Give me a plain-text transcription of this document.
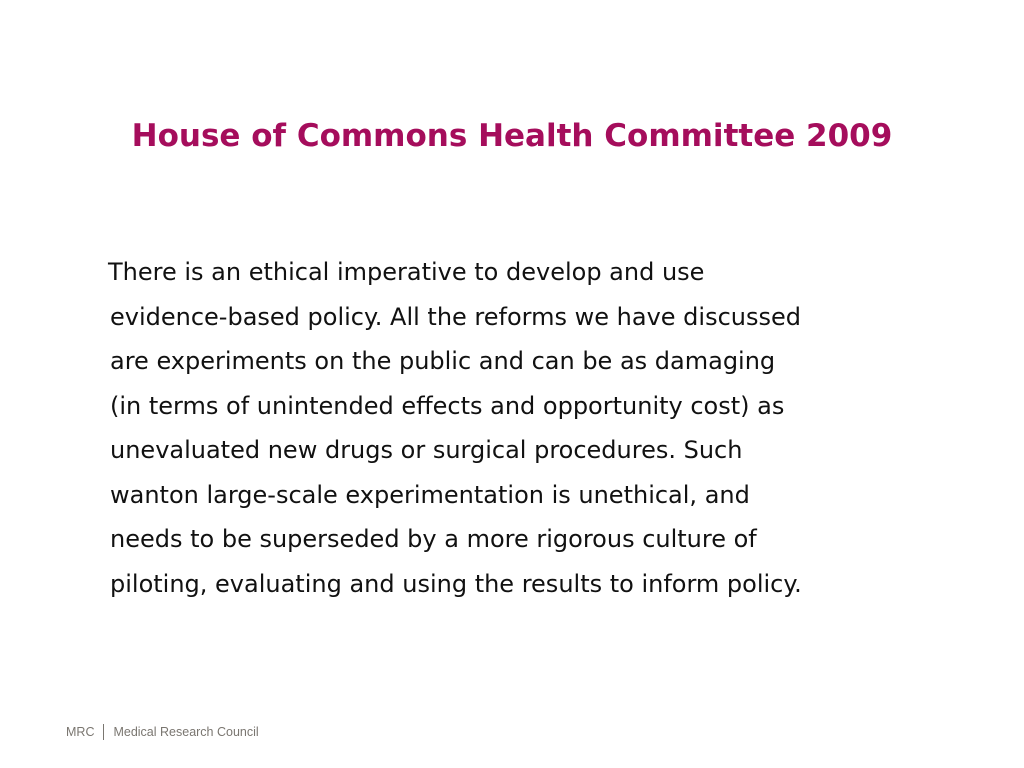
House of Commons Health Committee 2009

There is an ethical imperative to develop and use
evidence-based policy. All the reforms we have discussed
are experiments on the public and can be as damaging
(in terms of unintended effects and opportunity cost) as
unevaluated new drugs or surgical procedures. Such
wanton large-scale experimentation is unethical, and
needs to be superseded by a more rigorous culture of
piloting, evaluating and using the results to inform policy.

MRC Medical Research Council
